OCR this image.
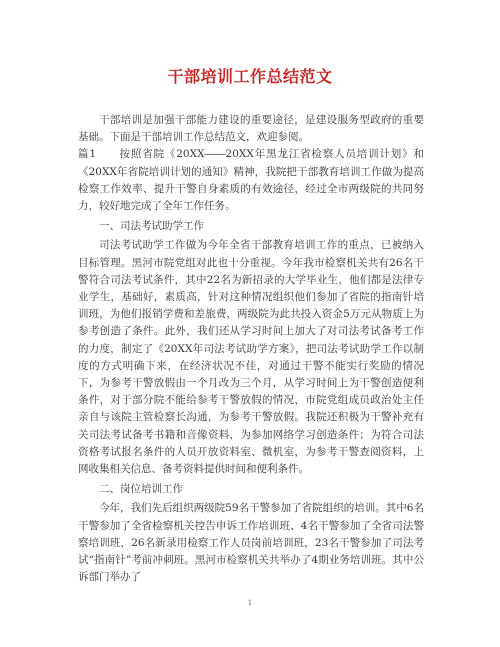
干部培训工作总结范文

干部培训是加强干部能力建设的重要途径，是建设服务型政府的重要基础。下面是干部培训工作总结范文，欢迎参阅。

篇1　　按照省院《20XX――20XX年黑龙江省检察人员培训计划》和《20XX年省院培训计划的通知》精神，我院把干部教育培训工作做为提高检察工作效率、提升干警自身素质的有效途径，经过全市两级院的共同努力，较好地完成了全年工作任务。

一、司法考试助学工作

司法考试助学工作做为今年全省干部教育培训工作的重点，已被纳入目标管理。黑河市院党组对此也十分重视。今年我市检察机关共有26名干警符合司法考试条件，其中22名为新招录的大学毕业生，他们都是法律专业学生，基础好，素质高，针对这种情况组织他们参加了省院的指南针培训班，为他们报销学费和差旅费，两级院为此共投入资金5万元从物质上为参考创造了条件。此外，我们还从学习时间上加大了对司法考试备考工作的力度，制定了《20XX年司法考试助学方案》，把司法考试助学工作以制度的方式明确下来，在经济状况不佳，对通过干警不能实行奖励的情况下，为参考干警放假由一个月改为三个月，从学习时间上为干警创造便利条件，对于部分院不能给参考干警放假的情况，市院党组成员政治处主任亲自与该院主管检察长沟通，为参考干警放假。我院还积极为干警补充有关司法考试备考书籍和音像资料，为参加网络学习创造条件；为符合司法资格考试报名条件的人员开放资料室、微机室，为参考干警查阅资料，上网收集相关信息、备考资料提供时间和便利条件。

二、岗位培训工作

今年，我们先后组织两级院59名干警参加了省院组织的培训。其中6名干警参加了全省检察机关控告申诉工作培训班、4名干警参加了全省司法警察培训班，26名新录用检察工作人员岗前培训班，23名干警参加了司法考试“指南针”考前冲刺班。黑河市检察机关共举办了4期业务培训班。其中公诉部门举办了

1
